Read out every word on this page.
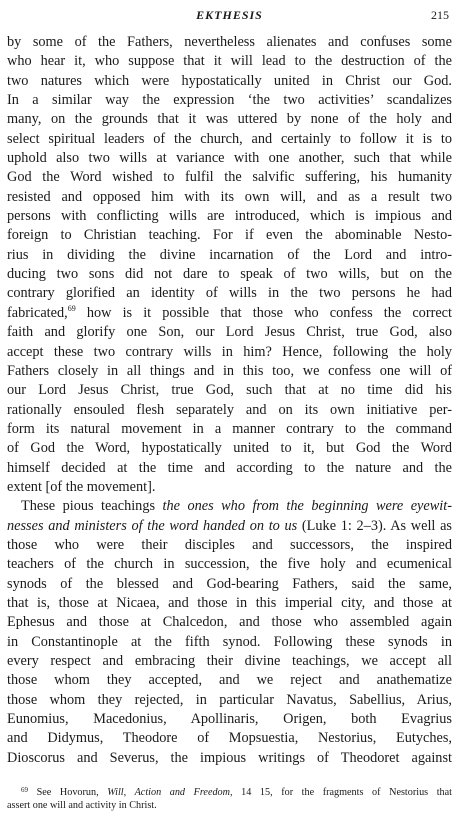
EKTHESIS	215
by some of the Fathers, nevertheless alienates and confuses some
who hear it, who suppose that it will lead to the destruction of the
two natures which were hypostatically united in Christ our God.
In a similar way the expression ‘the two activities’ scandalizes
many, on the grounds that it was uttered by none of the holy and
select spiritual leaders of the church, and certainly to follow it is to
uphold also two wills at variance with one another, such that while
God the Word wished to fulfil the salvific suffering, his humanity
resisted and opposed him with its own will, and as a result two
persons with conflicting wills are introduced, which is impious and
foreign to Christian teaching. For if even the abominable Nesto-
rius in dividing the divine incarnation of the Lord and intro-
ducing two sons did not dare to speak of two wills, but on the
contrary glorified an identity of wills in the two persons he had
fabricated,$^{69}$ how is it possible that those who confess the correct
faith and glorify one Son, our Lord Jesus Christ, true God, also
accept these two contrary wills in him? Hence, following the holy
Fathers closely in all things and in this too, we confess one will of
our Lord Jesus Christ, true God, such that at no time did his
rationally ensouled flesh separately and on its own initiative per-
form its natural movement in a manner contrary to the command
of God the Word, hypostatically united to it, but God the Word
himself decided at the time and according to the nature and the
extent [of the movement].
These pious teachings the ones who from the beginning were eyewit-
nesses and ministers of the word handed on to us (Luke 1: 2–3). As well as
those who were their disciples and successors, the inspired
teachers of the church in succession, the five holy and ecumenical
synods of the blessed and God-bearing Fathers, said the same,
that is, those at Nicaea, and those in this imperial city, and those at
Ephesus and those at Chalcedon, and those who assembled again
in Constantinople at the fifth synod. Following these synods in
every respect and embracing their divine teachings, we accept all
those whom they accepted, and we reject and anathematize
those whom they rejected, in particular Navatus, Sabellius, Arius,
Eunomius, Macedonius, Apollinaris, Origen, both Evagrius
and Didymus, Theodore of Mopsuestia, Nestorius, Eutyches,
Dioscorus and Severus, the impious writings of Theodoret against
$^{69}$ See Hovorun, Will, Action and Freedom, 14 15, for the fragments of Nestorius that
assert one will and activity in Christ.
